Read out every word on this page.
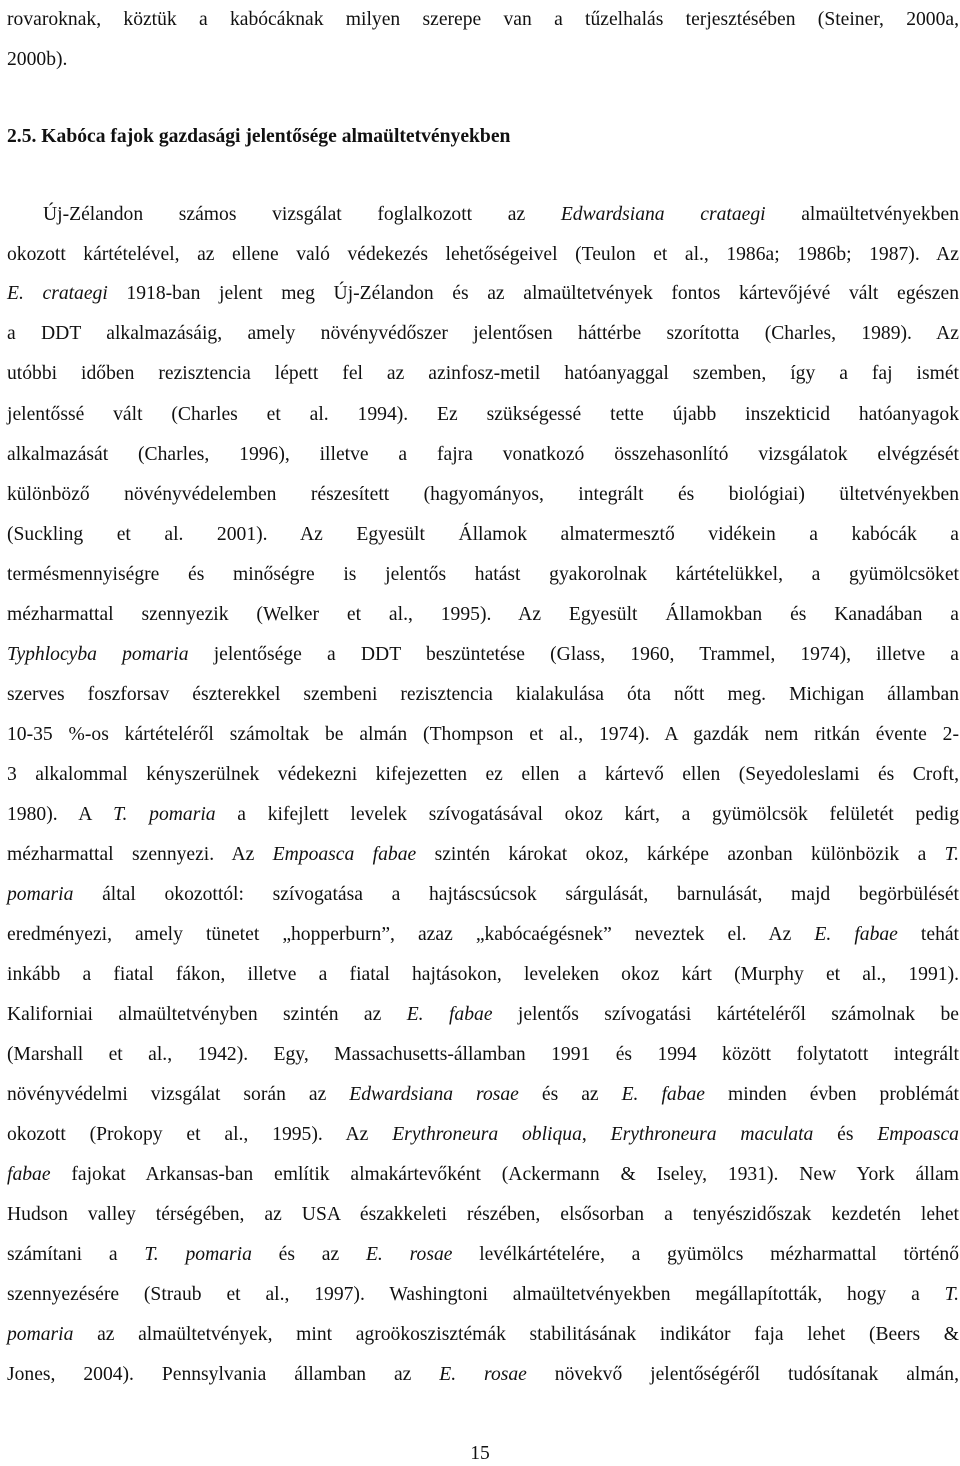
rovaroknak, köztük a kabócáknak milyen szerepe van a tűzelhalás terjesztésében (Steiner, 2000a,
2000b).
2.5. Kabóca fajok gazdasági jelentősége almaültetvényekben
Új-Zélandon számos vizsgálat foglalkozott az Edwardsiana crataegi almaültetvényekben
okozott kártételével, az ellene való védekezés lehetőségeivel (Teulon et al., 1986a; 1986b; 1987). Az
E. crataegi 1918-ban jelent meg Új-Zélandon és az almaültetvények fontos kártevőjévé vált egészen
a DDT alkalmazásáig, amely növényvédőszer jelentősen háttérbe szorította (Charles, 1989). Az
utóbbi időben rezisztencia lépett fel az azinfosz-metil hatóanyaggal szemben, így a faj ismét
jelentőssé vált (Charles et al. 1994). Ez szükségessé tette újabb inszekticid hatóanyagok
alkalmazását (Charles, 1996), illetve a fajra vonatkozó összehasonlító vizsgálatok elvégzését
különböző növényvédelemben részesített (hagyományos, integrált és biológiai) ültetvényekben
(Suckling et al. 2001). Az Egyesült Államok almatermesztő vidékein a kabócák a
termésmennyiségre és minőségre is jelentős hatást gyakorolnak kártételükkel, a gyümölcsöket
mézharmattal szennyezik (Welker et al., 1995). Az Egyesült Államokban és Kanadában a
Typhlocyba pomaria jelentősége a DDT beszüntetése (Glass, 1960, Trammel, 1974), illetve a
szerves foszforsav észterekkel szembeni rezisztencia kialakulása óta nőtt meg. Michigan államban
10-35 %-os kártételéről számoltak be almán (Thompson et al., 1974). A gazdák nem ritkán évente 2-
3 alkalommal kényszerülnek védekezni kifejezetten ez ellen a kártevő ellen (Seyedoleslami és Croft,
1980). A T. pomaria a kifejlett levelek szívogatásával okoz kárt, a gyümölcsök felületét pedig
mézharmattal szennyezi. Az Empoasca fabae szintén károkat okoz, kárképe azonban különbözik a T.
pomaria által okozottól: szívogatása a hajtáscsúcsok sárgulását, barnulását, majd begörbülését
eredményezi, amely tünetet „hopperburn”, azaz „kabócaégésnek” neveztek el. Az E. fabae tehát
inkább a fiatal fákon, illetve a fiatal hajtásokon, leveleken okoz kárt (Murphy et al., 1991).
Kaliforniai almaültetvényben szintén az E. fabae jelentős szívogatási kártételéről számolnak be
(Marshall et al., 1942). Egy, Massachusetts-államban 1991 és 1994 között folytatott integrált
növényvédelmi vizsgálat során az Edwardsiana rosae és az E. fabae minden évben problémát
okozott (Prokopy et al., 1995). Az Erythroneura obliqua, Erythroneura maculata és Empoasca
fabae fajokat Arkansas-ban említik almakártevőként (Ackermann & Iseley, 1931). New York állam
Hudson valley térségében, az USA északkeleti részében, elsősorban a tenyészidőszak kezdetén lehet
számítani a T. pomaria és az E. rosae levélkártételére, a gyümölcs mézharmattal történő
szennyezésére (Straub et al., 1997). Washingtoni almaültetvényekben megállapították, hogy a T.
pomaria az almaültetvények, mint agroökoszisztémák stabilitásának indikátor faja lehet (Beers &
Jones, 2004). Pennsylvania államban az E. rosae növekvő jelentőségéről tudósítanak almán,
15
